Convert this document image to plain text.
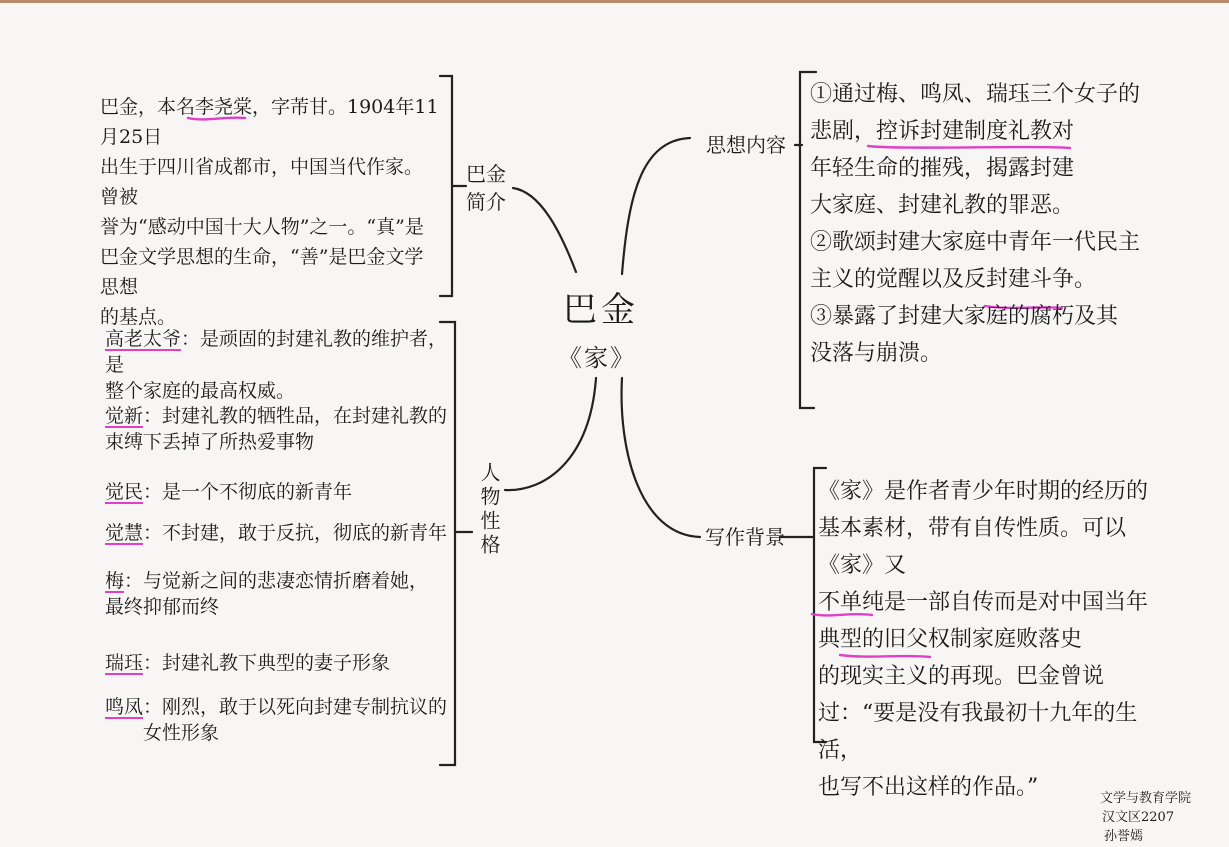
巴金
《家》
巴金，本名李尧棠，字芾甘。1904年11月25日
出生于四川省成都市，中国当代作家。曾被
誉为“感动中国十大人物”之一。“真”是
巴金文学思想的生命，“善”是巴金文学思想
的基点。
巴金
简介
人物性格
高老太爷：是顽固的封建礼教的维护者，是
整个家庭的最高权威。
觉新：封建礼教的牺牲品，在封建礼教的
束缚下丢掉了所热爱事物
觉民：是一个不彻底的新青年
觉慧：不封建，敢于反抗，彻底的新青年
梅：与觉新之间的悲凄恋情折磨着她，
最终抑郁而终
瑞珏：封建礼教下典型的妻子形象
鸣凤：刚烈，敢于以死向封建专制抗议的
　　女性形象
思想内容
①通过梅、鸣凤、瑞珏三个女子的
悲剧，控诉封建制度礼教对
年轻生命的摧残，揭露封建
大家庭、封建礼教的罪恶。
②歌颂封建大家庭中青年一代民主
主义的觉醒以及反封建斗争。
③暴露了封建大家庭的腐朽及其
没落与崩溃。
写作背景
《家》是作者青少年时期的经历的
基本素材，带有自传性质。可以《家》又
不单纯是一部自传而是对中国当年
典型的旧父权制家庭败落史
的现实主义的再现。巴金曾说
过：“要是没有我最初十九年的生活，
也写不出这样的作品。”	文学与教育学院
汉文区2207
孙誉嫣
